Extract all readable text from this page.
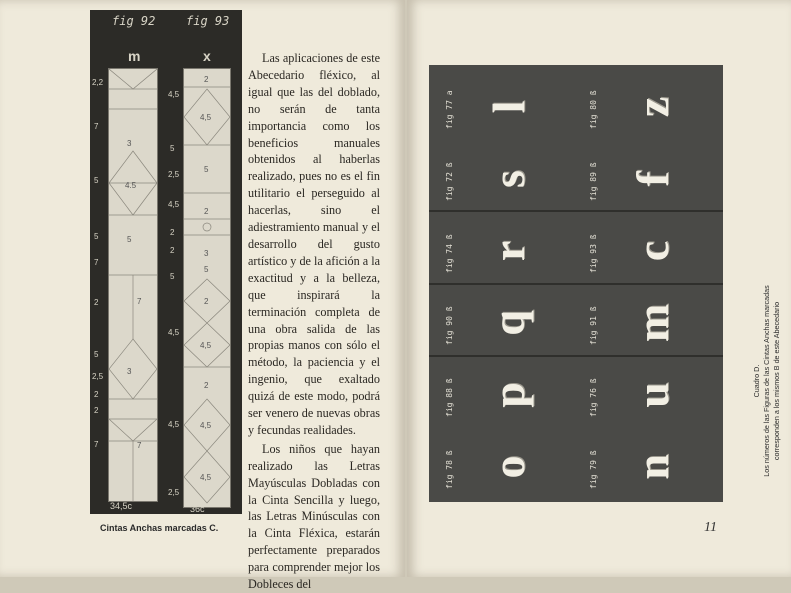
fig 92	fig 93
m	x
3
4.5
5
7
3
7
2
4,5
5
2
3
5
2
4,5
2
4,5
4,5
2,2
7
5
5
7
2
5
2,5
2
2
7
4,5
5
2,5
4,5
2
2
5
4,5
4,5
2,5
34,5c	36c
Cintas Anchas marcadas C.

Las aplicaciones de este Abecedario fléxico, al igual que las del doblado, no serán de tanta importancia como los beneficios manuales obtenidos al haberlas realizado, pues no es el fin utilitario el perseguido al hacerlas, sino el adiestramiento manual y el desarrollo del gusto artístico y de la afición a la exactitud y a la belleza, que inspirará la terminación completa de una obra salida de las propias manos con sólo el método, la paciencia y el ingenio, que exaltado quizá de este modo, podrá ser venero de nuevas obras y fecundas realidades.

Los niños que hayan realizado las Letras Mayúsculas Dobladas con la Cinta Sencilla y luego, las Letras Minúsculas con la Cinta Fléxica, estarán perfectamente preparados para comprender mejor los Dobleces del

fig 77 a l	fig 80 ß z
fig 72 ß s	fig 89 ß f
fig 74 ß r	fig 93 ß c
fig 90 ß q	fig 91 ß m
fig 88 ß p	fig 76 ß u
fig 78 ß o	fig 79 ß n
Cuadro D. Los números de las Figuras de las Cintas Anchas marcadas corresponden a los mismos B de este Abecedario
11
